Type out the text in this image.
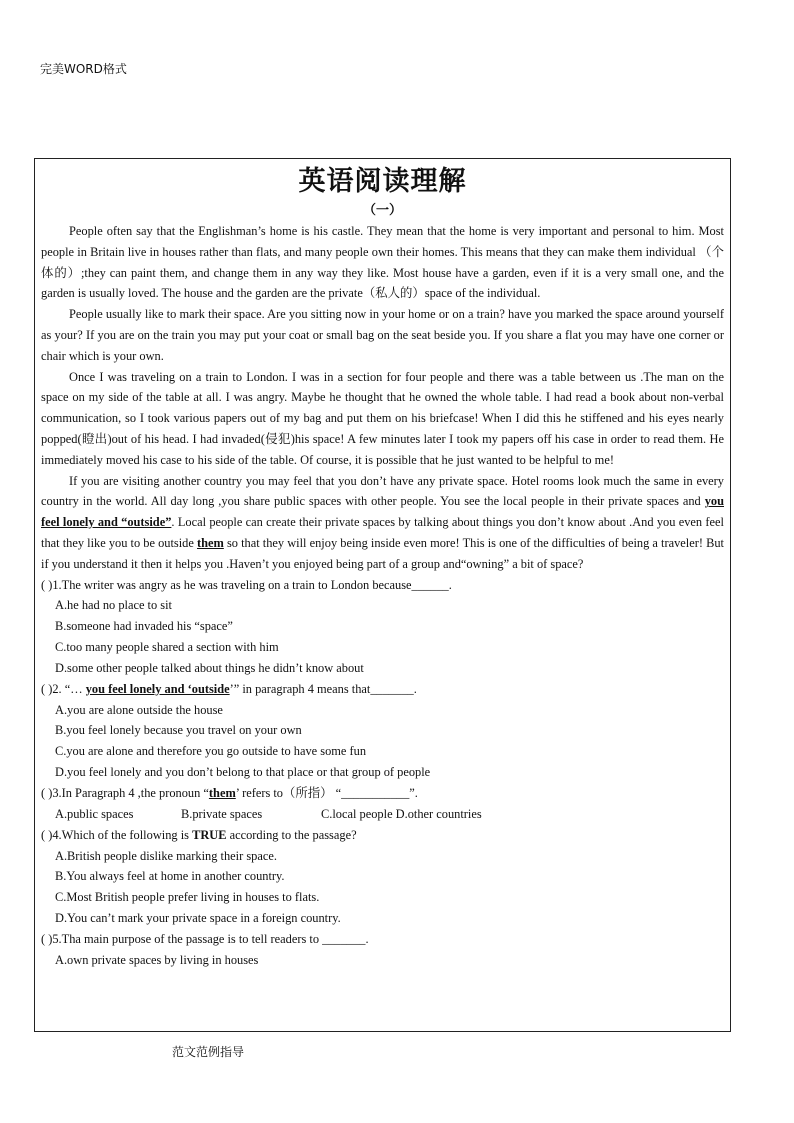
完美WORD格式
英语阅读理解
（一）

People often say that the Englishman’s home is his castle. They mean that the home is very important and personal to him. Most people in Britain live in houses rather than flats, and many people own their homes. This means that they can make them individual （个体的）;they can paint them, and change them in any way they like. Most house have a garden, even if it is a very small one, and the garden is usually loved. The house and the garden are the private（私人的）space of the individual.

People usually like to mark their space. Are you sitting now in your home or on a train? have you marked the space around yourself as your? If you are on the train you may put your coat or small bag on the seat beside you. If you share a flat you may have one corner or chair which is your own.

Once I was traveling on a train to London. I was in a section for four people and there was a table between us .The man on the space on my side of the table at all. I was angry. Maybe he thought that he owned the whole table. I had read a book about non-verbal communication, so I took various papers out of my bag and put them on his briefcase! When I did this he stiffened and his eyes nearly popped(瞪出)out of his head. I had invaded(侵犯)his space! A few minutes later I took my papers off his case in order to read them. He immediately moved his case to his side of the table. Of course, it is possible that he just wanted to be helpful to me!

If you are visiting another country you may feel that you don’t have any private space. Hotel rooms look much the same in every country in the world. All day long ,you share public spaces with other people. You see the local people in their private spaces and you feel lonely and “outside”. Local people can create their private spaces by talking about things you don’t know about .And you even feel that they like you to be outside them so that they will enjoy being inside even more! This is one of the difficulties of being a traveler! But if you understand it then it helps you .Haven’t you enjoyed being part of a group and“owning” a bit of space?

( )1.The writer was angry as he was traveling on a train to London because______.
A.he had no place to sit
B.someone had invaded his “space”
C.too many people shared a section with him
D.some other people talked about things he didn’t know about
( )2. “… you feel lonely and ‘outside’” in paragraph 4 means that_______.
A.you are alone outside the house
B.you feel lonely because you travel on your own
C.you are alone and therefore you go outside to have some fun
D.you feel lonely and you don’t belong to that place or that group of people
( )3.In Paragraph 4 ,the pronoun “them’ refers to（所指） “___________”.
A.public spaces	B.private spaces	C.local people D.other countries
( )4.Which of the following is TRUE according to the passage?
A.British people dislike marking their space.
B.You always feel at home in another country.
C.Most British people prefer living in houses to flats.
D.You can’t mark your private space in a foreign country.
( )5.Tha main purpose of the passage is to tell readers to _______.
A.own private spaces by living in houses
范文范例指导
